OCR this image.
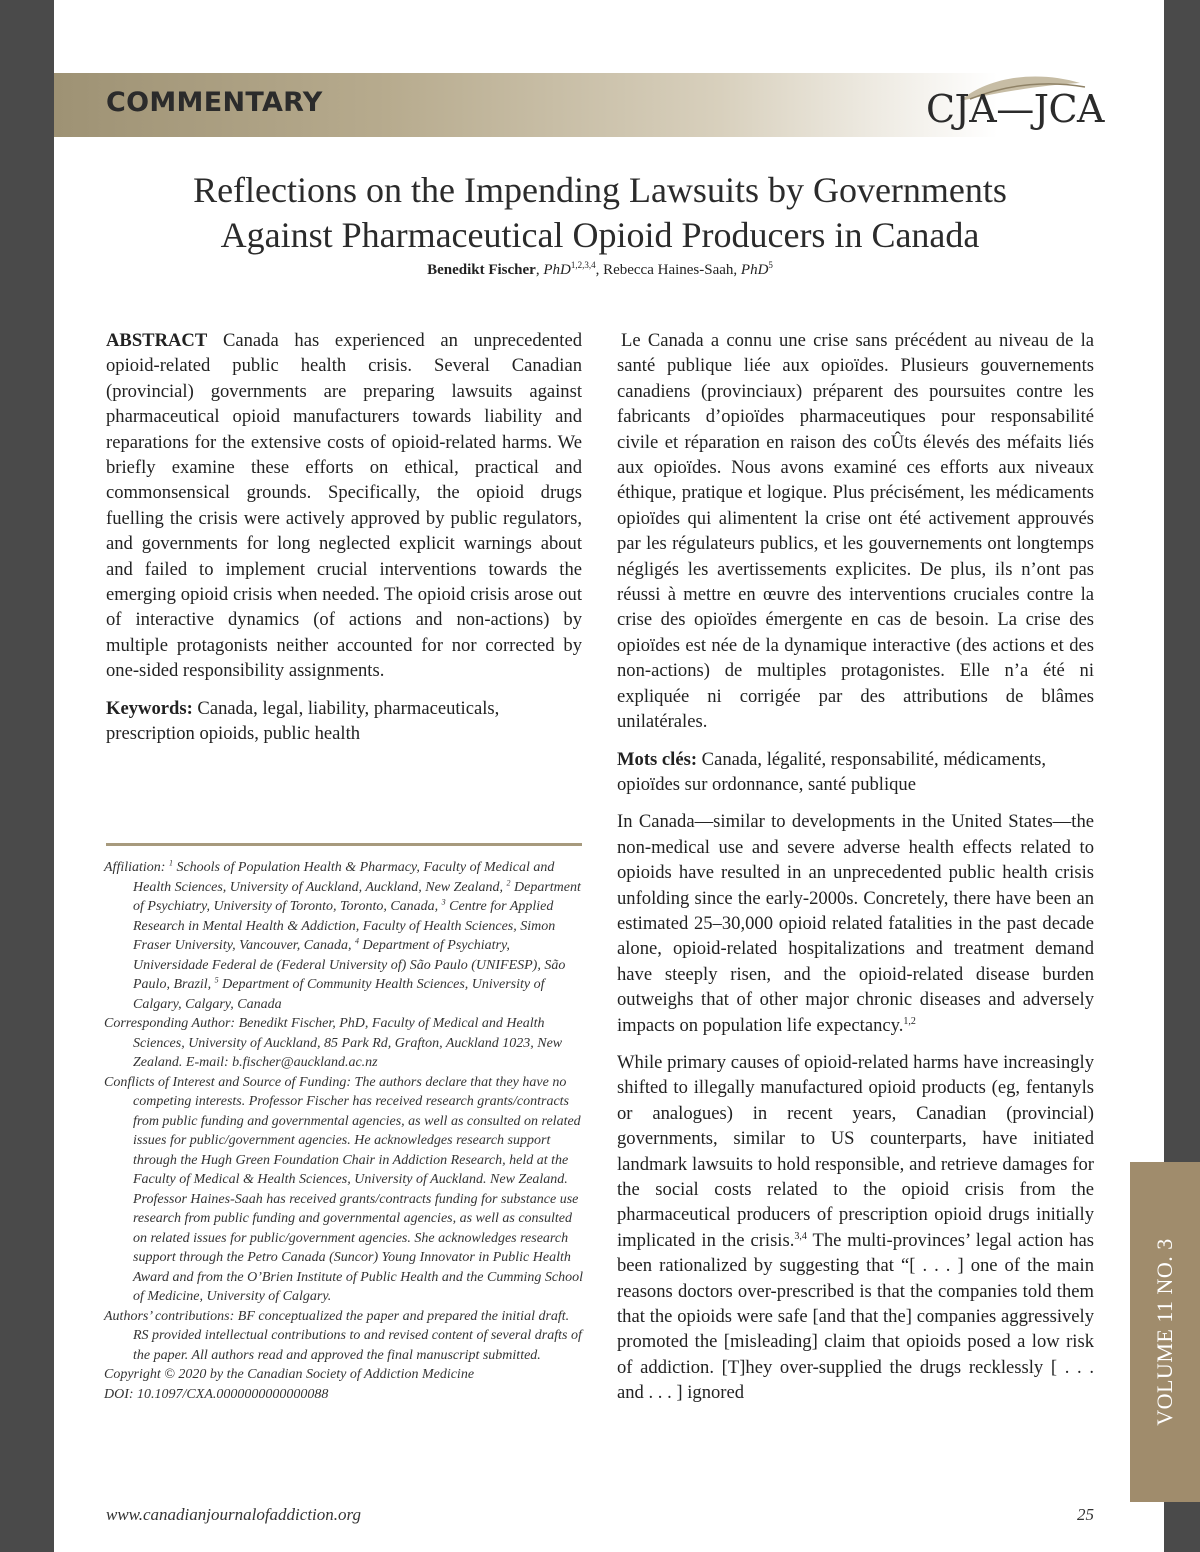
COMMENTARY	CJA—JCA
Reflections on the Impending Lawsuits by Governments
Against Pharmaceutical Opioid Producers in Canada
Benedikt Fischer, PhD$^{1,2,3,4}$, Rebecca Haines-Saah, PhD$^5$

ABSTRACT Canada has experienced an unprecedented opioid-related public health crisis. Several Canadian (provincial) governments are preparing lawsuits against pharmaceutical opioid manufacturers towards liability and reparations for the extensive costs of opioid-related harms. We briefly examine these efforts on ethical, practical and commonsensical grounds. Specifically, the opioid drugs fuelling the crisis were actively approved by public regulators, and governments for long neglected explicit warnings about and failed to implement crucial interventions towards the emerging opioid crisis when needed. The opioid crisis arose out of interactive dynamics (of actions and non-actions) by multiple protagonists neither accounted for nor corrected by one-sided responsibility assignments.

Keywords: Canada, legal, liability, pharmaceuticals, prescription opioids, public health

Affiliation: $^1$ Schools of Population Health & Pharmacy, Faculty of Medical and Health Sciences, University of Auckland, Auckland, New Zealand, $^2$ Department of Psychiatry, University of Toronto, Toronto, Canada, $^3$ Centre for Applied Research in Mental Health & Addiction, Faculty of Health Sciences, Simon Fraser University, Vancouver, Canada, $^4$ Department of Psychiatry, Universidade Federal de (Federal University of) São Paulo (UNIFESP), São Paulo, Brazil, $^5$ Department of Community Health Sciences, University of Calgary, Calgary, Canada

Corresponding Author: Benedikt Fischer, PhD, Faculty of Medical and Health Sciences, University of Auckland, 85 Park Rd, Grafton, Auckland 1023, New Zealand. E-mail: b.fischer@auckland.ac.nz

Conflicts of Interest and Source of Funding: The authors declare that they have no competing interests. Professor Fischer has received research grants/contracts from public funding and governmental agencies, as well as consulted on related issues for public/government agencies. He acknowledges research support through the Hugh Green Foundation Chair in Addiction Research, held at the Faculty of Medical & Health Sciences, University of Auckland. New Zealand. Professor Haines-Saah has received grants/contracts funding for substance use research from public funding and governmental agencies, as well as consulted on related issues for public/government agencies. She acknowledges research support through the Petro Canada (Suncor) Young Innovator in Public Health Award and from the O’Brien Institute of Public Health and the Cumming School of Medicine, University of Calgary.

Authors’ contributions: BF conceptualized the paper and prepared the initial draft. RS provided intellectual contributions to and revised content of several drafts of the paper. All authors read and approved the final manuscript submitted.

Copyright © 2020 by the Canadian Society of Addiction Medicine

DOI: 10.1097/CXA.0000000000000088

Le Canada a connu une crise sans précédent au niveau de la santé publique liée aux opioïdes. Plusieurs gouvernements canadiens (provinciaux) préparent des poursuites contre les fabricants d’opioïdes pharmaceutiques pour responsabilité civile et réparation en raison des coÛts élevés des méfaits liés aux opioïdes. Nous avons examiné ces efforts aux niveaux éthique, pratique et logique. Plus précisément, les médicaments opioïdes qui alimentent la crise ont été activement approuvés par les régulateurs publics, et les gouvernements ont longtemps négligés les avertissements explicites. De plus, ils n’ont pas réussi à mettre en œuvre des interventions cruciales contre la crise des opioïdes émergente en cas de besoin. La crise des opioïdes est née de la dynamique interactive (des actions et des non-actions) de multiples protagonistes. Elle n’a été ni expliquée ni corrigée par des attributions de blâmes unilatérales.

Mots clés: Canada, légalité, responsabilité, médicaments, opioïdes sur ordonnance, santé publique

In Canada—similar to developments in the United States—the non-medical use and severe adverse health effects related to opioids have resulted in an unprecedented public health crisis unfolding since the early-2000s. Concretely, there have been an estimated 25–30,000 opioid related fatalities in the past decade alone, opioid-related hospitalizations and treatment demand have steeply risen, and the opioid-related disease burden outweighs that of other major chronic diseases and adversely impacts on population life expectancy.$^{1,2}$

While primary causes of opioid-related harms have increasingly shifted to illegally manufactured opioid products (eg, fentanyls or analogues) in recent years, Canadian (provincial) governments, similar to US counterparts, have initiated landmark lawsuits to hold responsible, and retrieve damages for the social costs related to the opioid crisis from the pharmaceutical producers of prescription opioid drugs initially implicated in the crisis.$^{3,4}$ The multi-provinces’ legal action has been rationalized by suggesting that “[ . . . ] one of the main reasons doctors over-prescribed is that the companies told them that the opioids were safe [and that the] companies aggressively promoted the [misleading] claim that opioids posed a low risk of addiction. [T]hey over-supplied the drugs recklessly [ . . . and . . . ] ignored	VOLUME 11 NO. 3
www.canadianjournalofaddiction.org	25
